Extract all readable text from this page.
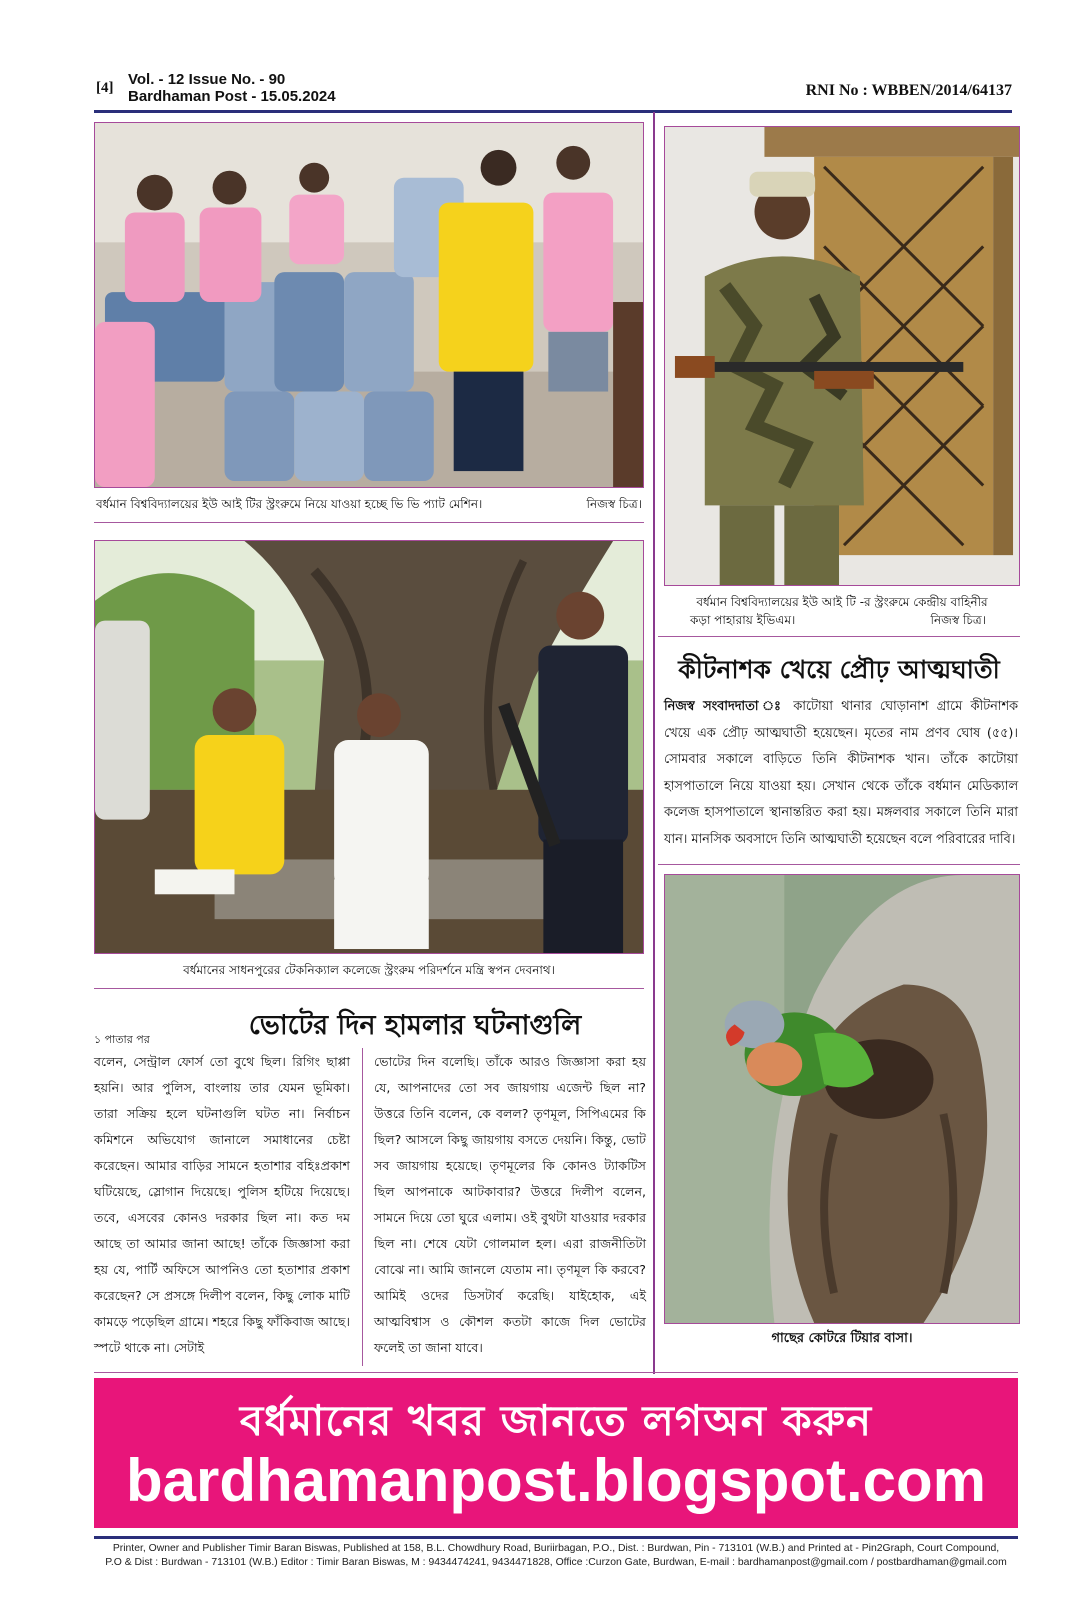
[4] Vol. - 12 Issue No. - 90
Bardhaman Post - 15.05.2024	RNI No : WBBEN/2014/64137
বর্ধমান বিশ্ববিদ্যালয়ের ইউ আই টির স্ট্রংরুমে নিয়ে যাওয়া হচ্ছে ভি ভি প্যাট মেশিন।	নিজস্ব চিত্র।
বর্ধমান বিশ্ববিদ্যালয়ের ইউ আই টি -র স্ট্রংরুমে কেন্দ্রীয় বাহিনীর
কড়া পাহারায় ইভিএম।	নিজস্ব চিত্র।
কীটনাশক খেয়ে প্রৌঢ় আত্মঘাতী
নিজস্ব সংবাদদাতা ঃ কাটোয়া থানার ঘোড়ানাশ গ্রামে কীটনাশক খেয়ে এক প্রৌঢ় আত্মঘাতী হয়েছেন। মৃতের নাম প্রণব ঘোষ (৫৫)। সোমবার সকালে বাড়িতে তিনি কীটনাশক খান। তাঁকে কাটোয়া হাসপাতালে নিয়ে যাওয়া হয়। সেখান থেকে তাঁকে বর্ধমান মেডিক্যাল কলেজ হাসপাতালে স্থানান্তরিত করা হয়। মঙ্গলবার সকালে তিনি মারা যান। মানসিক অবসাদে তিনি আত্মঘাতী হয়েছেন বলে পরিবারের দাবি।
বর্ধমানের সাধনপুরের টেকনিক্যাল কলেজে স্ট্রংরুম পরিদর্শনে মন্ত্রি স্বপন দেবনাথ।
১ পাতার পর	ভোটের দিন হামলার ঘটনাগুলি
বলেন, সেন্ট্রাল ফোর্স তো বুথে ছিল। রিগিং ছাপ্পা হয়নি। আর পুলিস, বাংলায় তার যেমন ভূমিকা। তারা সক্রিয় হলে ঘটনাগুলি ঘটত না। নির্বাচন কমিশনে অভিযোগ জানালে সমাধানের চেষ্টা করেছেন। আমার বাড়ির সামনে হতাশার বহিঃপ্রকাশ ঘটিয়েছে, স্লোগান দিয়েছে। পুলিস হটিয়ে দিয়েছে। তবে, এসবের কোনও দরকার ছিল না। কত দম আছে তা আমার জানা আছে! তাঁকে জিজ্ঞাসা করা হয় যে, পার্টি অফিসে আপনিও তো হতাশার প্রকাশ করেছেন? সে প্রসঙ্গে দিলীপ বলেন, কিছু লোক মাটি কামড়ে পড়েছিল গ্রামে। শহরে কিছু ফাঁকিবাজ আছে। স্পটে থাকে না। সেটাই
ভোটের দিন বলেছি। তাঁকে আরও জিজ্ঞাসা করা হয় যে, আপনাদের তো সব জায়গায় এজেন্ট ছিল না? উত্তরে তিনি বলেন, কে বলল? তৃণমূল, সিপিএমের কি ছিল? আসলে কিছু জায়গায় বসতে দেয়নি। কিন্তু, ভোট সব জায়গায় হয়েছে। তৃণমূলের কি কোনও ট্যাকটিস ছিল আপনাকে আটকাবার? উত্তরে দিলীপ বলেন, সামনে দিয়ে তো ঘুরে এলাম। ওই বুথটা যাওয়ার দরকার ছিল না। শেষে যেটা গোলমাল হল। এরা রাজনীতিটা বোঝে না। আমি জানলে যেতাম না। তৃণমূল কি করবে? আমিই ওদের ডিসটার্ব করেছি। যাইহোক, এই আত্মবিশ্বাস ও কৌশল কতটা কাজে দিল ভোটের ফলেই তা জানা যাবে।
গাছের কোটরে টিয়ার বাসা।
বর্ধমানের খবর জানতে লগঅন করুন
bardhamanpost.blogspot.com
Printer, Owner and Publisher Timir Baran Biswas, Published at 158, B.L. Chowdhury Road, Buriirbagan, P.O., Dist. : Burdwan, Pin - 713101 (W.B.) and Printed at - Pin2Graph, Court Compound,
P.O & Dist : Burdwan - 713101 (W.B.) Editor : Timir Baran Biswas, M : 9434474241, 9434471828, Office :Curzon Gate, Burdwan, E-mail : bardhamanpost@gmail.com / postbardhaman@gmail.com
